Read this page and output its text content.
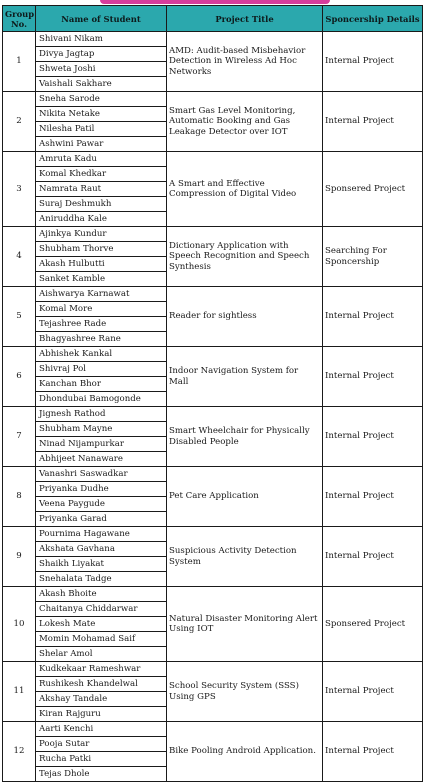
Group No.	Name of Student	Project Title	Sponcership Details
1	Shivani Nikam	AMD: Audit-based Misbehavior Detection in Wireless Ad Hoc Networks	Internal Project
	Divya Jagtap		
	Shweta Joshi		
	Vaishali Sakhare		
2	Sneha Sarode	Smart Gas Level Monitoring, Automatic Booking and Gas Leakage Detector over IOT	Internal Project
	Nikita Netake		
	Nilesha Patil		
	Ashwini Pawar		
3	Amruta Kadu	A Smart and Effective Compression of Digital Video	Sponsered Project
	Komal Khedkar		
	Namrata Raut		
	Suraj Deshmukh		
	Aniruddha Kale		
4	Ajinkya Kundur	Dictionary Application with Speech Recognition and Speech Synthesis	Searching For Sponcership
	Shubham Thorve		
	Akash Hulbutti		
	Sanket Kamble		
5	Aishwarya Karnawat	Reader for sightless	Internal Project
	Komal More		
	Tejashree Rade		
	Bhagyashree Rane		
6	Abhishek Kankal	Indoor Navigation System for Mall	Internal Project
	Shivraj Pol		
	Kanchan Bhor		
	Dhondubai Bamogonde		
7	Jignesh Rathod	Smart Wheelchair for Physically Disabled People	Internal Project
	Shubham Mayne		
	Ninad Nijampurkar		
	Abhijeet Nanaware		
8	Vanashri Saswadkar	Pet Care Application	Internal Project
	Priyanka Dudhe		
	Veena Paygude		
	Priyanka Garad		
9	Pournima Hagawane	Suspicious Activity Detection System	Internal Project
	Akshata Gavhana		
	Shaikh Liyakat		
	Snehalata Tadge		
10	Akash Bhoite	Natural Disaster Monitoring Alert Using IOT	Sponsered Project
	Chaitanya Chiddarwar		
	Lokesh Mate		
	Momin Mohamad Saif		
	Shelar Amol		
11	Kudkekaar Rameshwar	School Security System (SSS) Using GPS	Internal Project
	Rushikesh Khandelwal		
	Akshay Tandale		
	Kiran Rajguru		
12	Aarti Kenchi	Bike Pooling Android Application.	Internal Project
	Pooja Sutar		
	Rucha Patki		
	Tejas Dhole		
